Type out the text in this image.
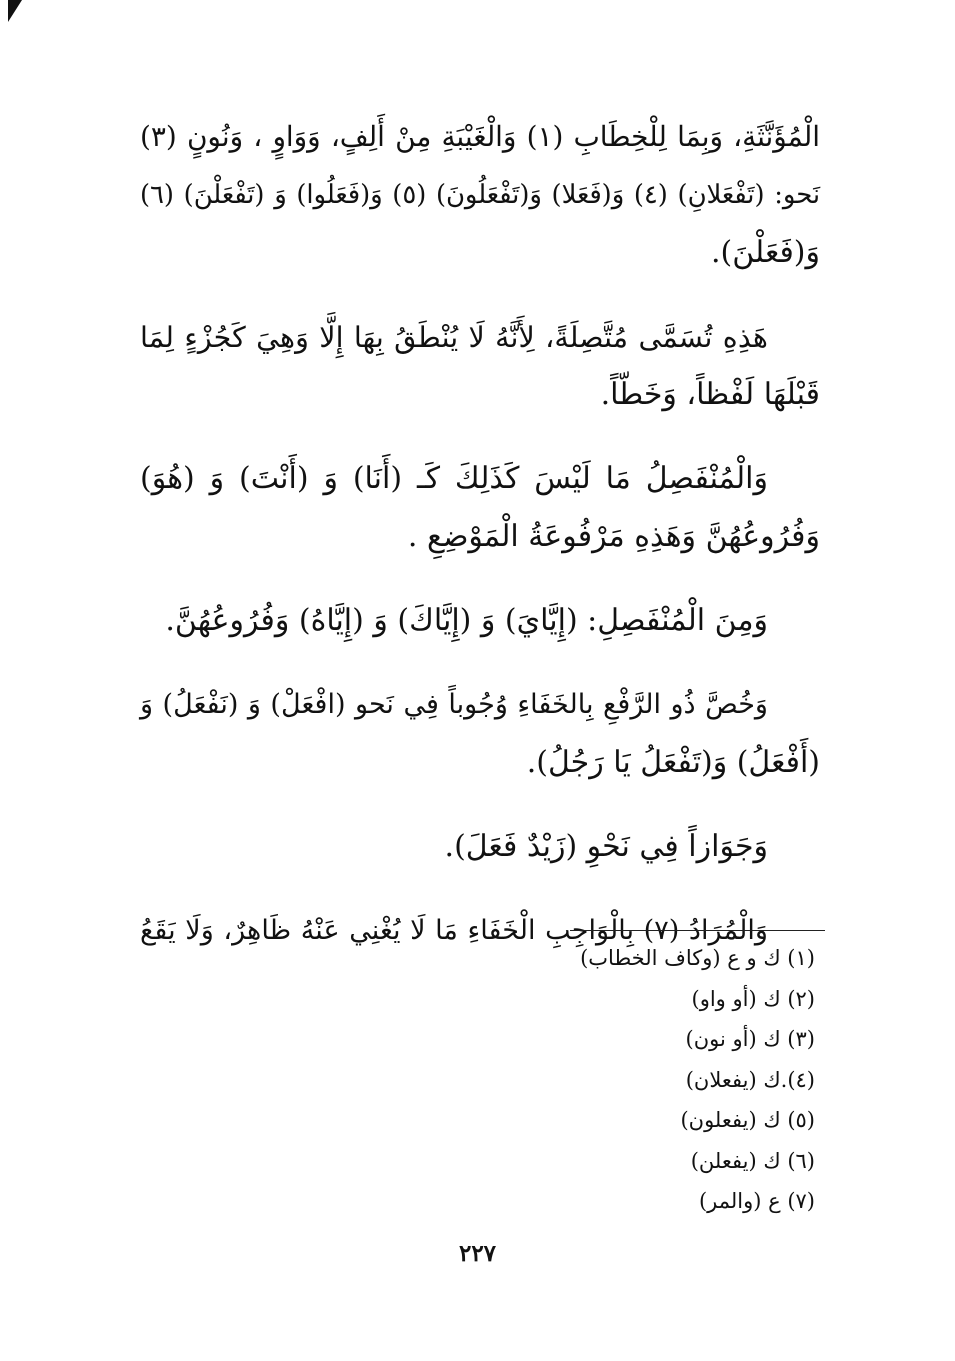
الْمُؤَنَّثَةِ، وَبِمَا لِلْخِطَابِ (١) وَالْغَيْبَةِ مِنْ أَلِفٍ، وَوَاوٍ ، وَنُونٍ (٣)
نَحو: (تَفْعَلانِ) (٤) وَ(فَعَلا) وَ(تَفْعَلُونَ) (٥) وَ(فَعَلُوا) وَ (تَفْعَلْنَ) (٦)
وَ(فَعَلْنَ).

هَذِهِ تُسَمَّى مُتَّصِلَةً، لِأَنَّهُ لَا يُنْطَقُ بِهَا إِلَّا وَهِيَ كَجُزْءٍ لِمَا
قَبْلَهَا لَفْظاً، وَخَطّاً.

وَالْمُنْفَصِلُ مَا لَيْسَ كَذَلِكَ كَـ (أَنَا) وَ (أَنْتَ) وَ (هُوَ)
وَفُرُوعُهُنَّ وَهَذِهِ مَرْفُوعَةُ الْمَوْضِعِ .

وَمِنَ الْمُنْفَصِلِ: (إِيَّايَ) وَ (إِيَّاكَ) وَ (إِيَّاهُ) وَفُرُوعُهُنَّ.

وَخُصَّ ذُو الرَّفْعِ بِالخَفَاءِ وُجُوباً فِي نَحو (افْعَلْ) وَ (نَفْعَلُ) وَ
(أَفْعَلُ) وَ(تَفْعَلُ يَا رَجُلُ).

وَجَوَازاً فِي نَحْوِ (زَيْدٌ فَعَلَ).

وَالْمُرَادُ (٧) بِالْوَاجِبِ الْخَفَاءِ مَا لَا يُغْنِي عَنْهُ ظَاهِرٌ، وَلَا يَقَعُ

(١) ك و ع (وكاف الخطاب)
(٢) ك (أو واو)
(٣) ك (أو نون)
(٤).ك (يفعلان)
(٥) ك (يفعلون)
(٦) ك (يفعلن)
(٧) ع (والمر)
٢٢٧
